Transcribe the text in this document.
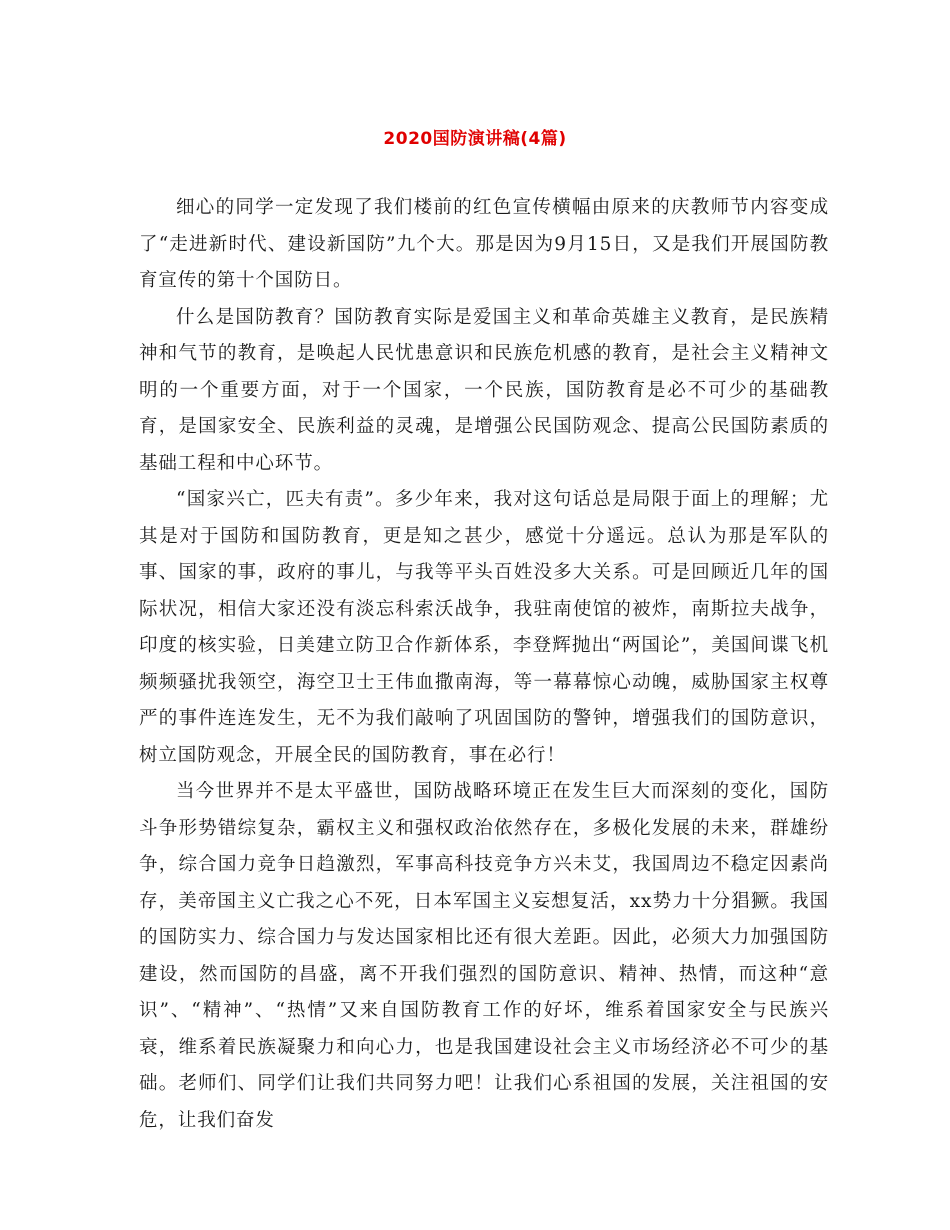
2020国防演讲稿(4篇)

细心的同学一定发现了我们楼前的红色宣传横幅由原来的庆教师节内容变成了“走进新时代、建设新国防”九个大。那是因为9月15日，又是我们开展国防教育宣传的第十个国防日。

什么是国防教育？国防教育实际是爱国主义和革命英雄主义教育，是民族精神和气节的教育，是唤起人民忧患意识和民族危机感的教育，是社会主义精神文明的一个重要方面，对于一个国家，一个民族，国防教育是必不可少的基础教育，是国家安全、民族利益的灵魂，是增强公民国防观念、提高公民国防素质的基础工程和中心环节。

“国家兴亡，匹夫有责”。多少年来，我对这句话总是局限于面上的理解；尤其是对于国防和国防教育，更是知之甚少，感觉十分遥远。总认为那是军队的事、国家的事，政府的事儿，与我等平头百姓没多大关系。可是回顾近几年的国际状况，相信大家还没有淡忘科索沃战争，我驻南使馆的被炸，南斯拉夫战争，印度的核实验，日美建立防卫合作新体系，李登辉抛出“两国论”，美国间谍飞机频频骚扰我领空，海空卫士王伟血撒南海，等一幕幕惊心动魄，威胁国家主权尊严的事件连连发生，无不为我们敲响了巩固国防的警钟，增强我们的国防意识，树立国防观念，开展全民的国防教育，事在必行！

当今世界并不是太平盛世，国防战略环境正在发生巨大而深刻的变化，国防斗争形势错综复杂，霸权主义和强权政治依然存在，多极化发展的未来，群雄纷争，综合国力竞争日趋激烈，军事高科技竞争方兴未艾，我国周边不稳定因素尚存，美帝国主义亡我之心不死，日本军国主义妄想复活，xx势力十分猖獗。我国的国防实力、综合国力与发达国家相比还有很大差距。因此，必须大力加强国防建设，然而国防的昌盛，离不开我们强烈的国防意识、精神、热情，而这种“意识”、“精神”、“热情”又来自国防教育工作的好坏，维系着国家安全与民族兴衰，维系着民族凝聚力和向心力，也是我国建设社会主义市场经济必不可少的基础。老师们、同学们让我们共同努力吧！让我们心系祖国的发展，关注祖国的安危，让我们奋发
